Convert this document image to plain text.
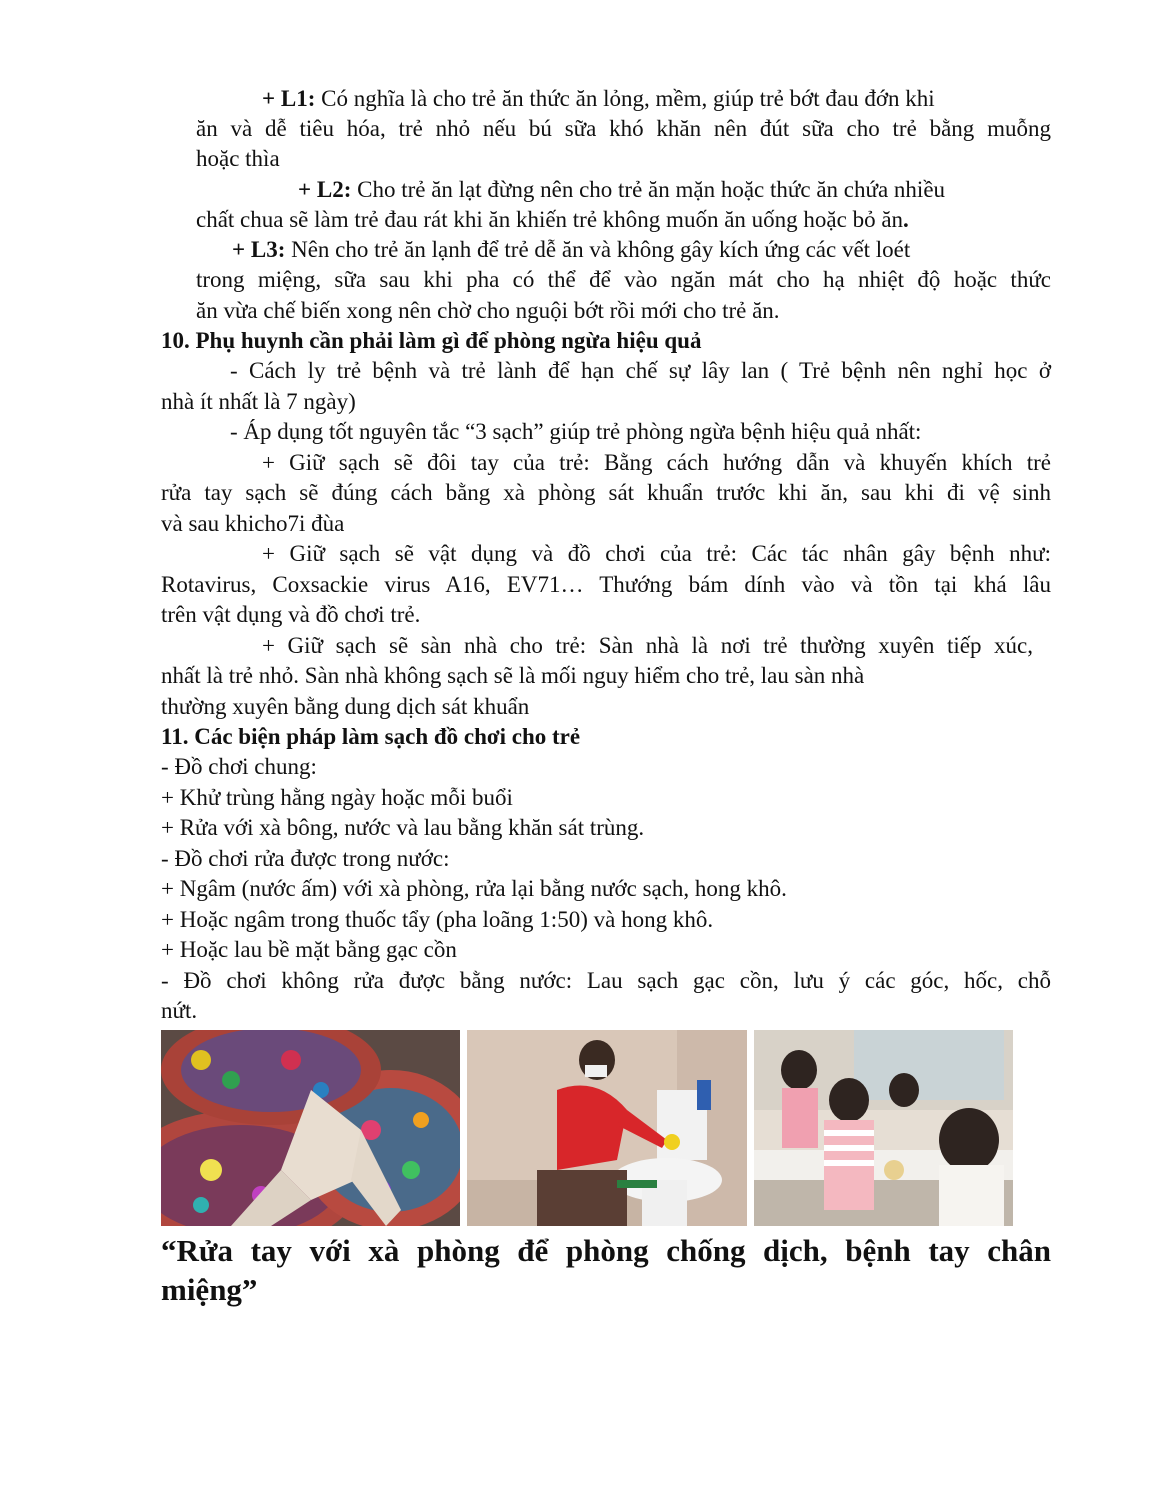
+ L1: Có nghĩa là cho trẻ ăn thức ăn lỏng, mềm, giúp trẻ bớt đau đớn khi
ăn và dễ tiêu hóa, trẻ nhỏ nếu bú sữa khó khăn nên đút sữa cho trẻ bằng muỗng
hoặc thìa
+ L2: Cho trẻ ăn lạt đừng nên cho trẻ ăn mặn hoặc thức ăn chứa nhiều
chất chua sẽ làm trẻ đau rát khi ăn khiến trẻ không muốn ăn uống hoặc bỏ ăn.
+ L3: Nên cho trẻ ăn lạnh để trẻ dễ ăn và không gây kích ứng các vết loét
trong miệng, sữa sau khi pha có thể để vào ngăn mát cho hạ nhiệt độ hoặc thức
ăn vừa chế biến xong nên chờ cho nguội bớt rồi mới cho trẻ ăn.
10. Phụ huynh cần phải làm gì để phòng ngừa hiệu quả
- Cách ly trẻ bệnh và trẻ lành để hạn chế sự lây lan ( Trẻ bệnh nên nghỉ học ở
nhà ít nhất là 7 ngày)
- Áp dụng tốt nguyên tắc “3 sạch” giúp trẻ phòng ngừa bệnh hiệu quả nhất:
+ Giữ sạch sẽ đôi tay của trẻ: Bằng cách hướng dẫn và khuyến khích trẻ
rửa tay sạch sẽ đúng cách bằng xà phòng sát khuẩn trước khi ăn, sau khi đi vệ sinh
và sau khicho7i đùa
+ Giữ sạch sẽ vật dụng và đồ chơi của trẻ: Các tác nhân gây bệnh như:
Rotavirus, Coxsackie virus A16, EV71… Thướng bám dính vào và tồn tại khá lâu
trên vật dụng và đồ chơi trẻ.
+ Giữ sạch sẽ sàn nhà cho trẻ: Sàn nhà là nơi trẻ thường xuyên tiếp xúc,
nhất là trẻ nhỏ. Sàn nhà không sạch sẽ là mối nguy hiểm cho trẻ, lau sàn nhà
thường xuyên bằng dung dịch sát khuẩn
11. Các biện pháp làm sạch đồ chơi cho trẻ
- Đồ chơi chung:
+ Khử trùng hằng ngày hoặc mỗi buổi
+ Rửa với xà bông, nước và lau bằng khăn sát trùng.
- Đồ chơi rửa được trong nước:
+ Ngâm (nước ấm) với xà phòng, rửa lại bằng nước sạch, hong khô.
+ Hoặc ngâm trong thuốc tẩy (pha loãng 1:50) và hong khô.
+ Hoặc lau bề mặt bằng gạc cồn
- Đồ chơi không rửa được bằng nước: Lau sạch gạc cồn, lưu ý các góc, hốc, chỗ
nứt.
“Rửa tay với xà phòng để phòng chống dịch, bệnh tay chân
miệng”
